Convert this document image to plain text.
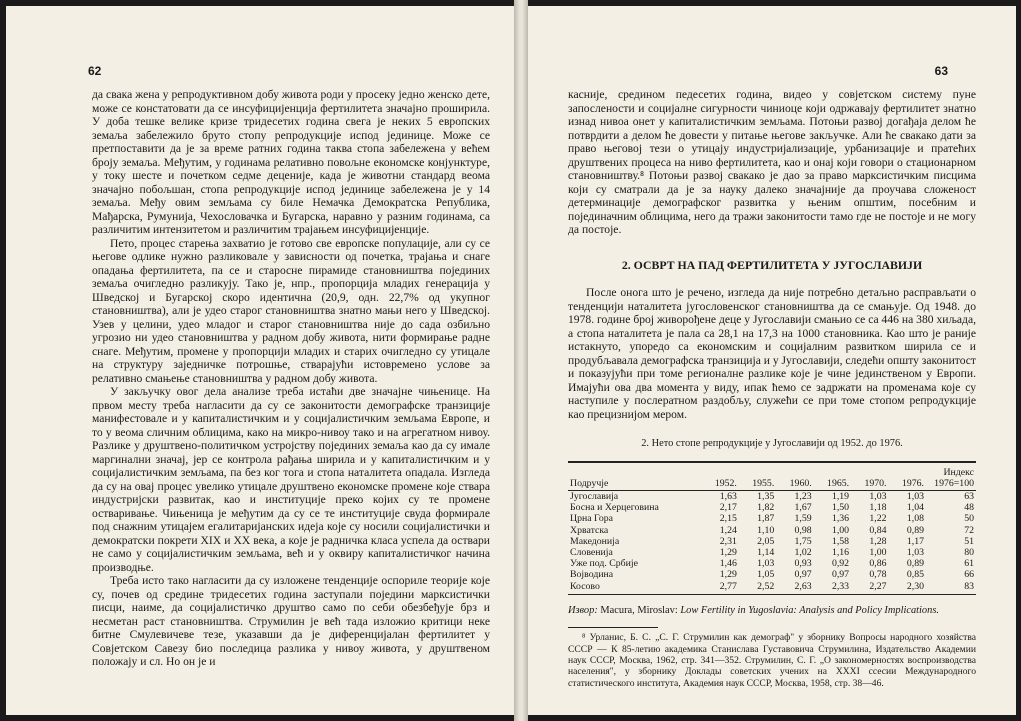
62

да свака жена у репродуктивном добу живота роди у просеку једно женско дете, може се констатовати да се инсуфицијенција фертилитета значајно проширила. У доба тешке велике кризе тридесетих година свега је неких 5 европских земаља забележило бруто стопу репродукције испод јединице. Може се претпоставити да је за време ратних година таква стопа забележена у већем броју земаља. Међутим, у годинама релативно повољне економске конјунктуре, у току шесте и почетком седме деценије, када је животни стандард веома значајно побољшан, стопа репродукције испод јединице забележена је у 14 земаља. Међу овим земљама су биле Немачка Демократска Република, Мађарска, Румунија, Чехословачка и Бугарска, наравно у разним годинама, са различитим интензитетом и различитим трајањем инсуфицијенције.

Пето, процес старења захватио је готово све европске популације, али су се његове одлике нужно разликовале у зависности од почетка, трајања и снаге опадања фертилитета, па се и старосне пирамиде становништва појединих земаља очигледно разликују. Тако је, нпр., пропорција младих генерација у Шведској и Бугарској скоро идентична (20,9, одн. 22,7% од укупног становништва), али је удео старог становништва знатно мањи него у Шведској. Узев у целини, удео младог и старог становништва није до сада озбиљно угрозио ни удео становништва у радном добу живота, нити формирање радне снаге. Међутим, промене у пропорцији младих и старих очигледно су утицале на структуру заједничке потрошње, стварајући истовремено услове за релативно смањење становништва у радном добу живота.

У закључку овог дела анализе треба истаћи две значајне чињенице. На првом месту треба нагласити да су се законитости демографске транзиције манифестовале и у капиталистичким и у социјалистичким земљама Европе, и то у веома сличним облицима, како на микро-нивоу тако и на агрегатном нивоу. Разлике у друштвено-политичком устројству појединих земаља као да су имале маргинални значај, јер се контрола рађања ширила и у капиталистичким и у социјалистичким земљама, па без ког тога и стопа наталитета опадала. Изгледа да су на овај процес увелико утицале друштвено економске промене које ствара индустријски развитак, као и институције преко којих су те промене остваривање. Чињеница је међутим да су се те институције свуда формирале под снажним утицајем егалитаријанских идеја које су носили социјалистички и демократски покрети XIX и XX века, а које је радничка класа успела да оствари не само у социјалистичким земљама, већ и у оквиру капиталистичког начина производње.

Треба исто тако нагласити да су изложене тенденције оспориле теорије које су, почев од средине тридесетих година заступали поједини марксистички писци, наиме, да социјалистичко друштво само по себи обезбеђује брз и несметан раст становништва. Струмилин је већ тада изложио критици неке битне Смулевичеве тезе, указавши да је диференцијалан фертилитет у Совјетском Савезу био последица разлика у нивоу живота, у друштвеном положају и сл. Но он је и

63

касније, средином педесетих година, видео у совјетском систему пуне запослености и социјалне сигурности чиниоце који одржавају фертилитет знатно изнад нивоа онет у капиталистичким земљама. Потоњи развој догађаја делом ће потврдити а делом ће довести у питање његове закључке. Али ће свакако дати за право његовој тези о утицају индустријализације, урбанизације и пратећих друштвених процеса на ниво фертилитета, као и онај који говори о стационарном становништву.⁸ Потоњи развој свакако је дао за право марксистичким писцима који су сматрали да је за науку далеко значајније да проучава сложеност детерминације демографског развитка у њеним општим, посебним и појединачним облицима, него да тражи законитости тамо где не постоје и не могу да постоје.

2. ОСВРТ НА ПАД ФЕРТИЛИТЕТА У ЈУГОСЛАВИЈИ

После онога што је речено, изгледа да није потребно детаљно расправљати о тенденцији наталитета југословенског становништва да се смањује. Од 1948. до 1978. године број живорођене деце у Југославији смањио се са 446 на 380 хиљада, а стопа наталитета је пала са 28,1 на 17,3 на 1000 становника. Као што је раније истакнуто, упоредо са економским и социјалним развитком ширила се и продубљавала демографска транзиција и у Југославији, следећи општу законитост и показујући при томе регионалне разлике које је чине јединственом у Европи. Имајући ова два момента у виду, ипак ћемо се задржати на променама које су наступиле у послератном раздобљу, служећи се при томе стопом репродукције као прецизнијом мером.

2. Нето стопе репродукције у Југославији од 1952. до 1976.
Подручје	1952.	1955.	1960.	1965.	1970.	1976.	Индекс 1976=100
Југославија	1,63	1,35	1,23	1,19	1,03	1,03	63
Босна и Херцеговина	2,17	1,82	1,67	1,50	1,18	1,04	48
Црна Гора	2,15	1,87	1,59	1,36	1,22	1,08	50
Хрватска	1,24	1,10	0,98	1,00	0,84	0,89	72
Македонија	2,31	2,05	1,75	1,58	1,28	1,17	51
Словенија	1,29	1,14	1,02	1,16	1,00	1,03	80
Уже под. Србије	1,46	1,03	0,93	0,92	0,86	0,89	61
Војводина	1,29	1,05	0,97	0,97	0,78	0,85	66
Косово	2,77	2,52	2,63	2,33	2,27	2,30	83

Извор: Macura, Miroslav: Low Fertility in Yugoslavia: Analysis and Policy Implications.

⁸ Урланис, Б. С. „С. Г. Струмилин как демограф" у зборнику Вопросы народного хозяйства СССР — К 85-летию академика Станислава Густавовича Струмилина, Издательство Академии наук СССР, Москва, 1962, стр. 341—352. Струмилин, С. Г. „О закономерностях воспроизводства населения", у зборнику Доклады советских учених на XXXI ссесии Международного статистического института, Академия наук СССР, Москва, 1958, стр. 38—46.
